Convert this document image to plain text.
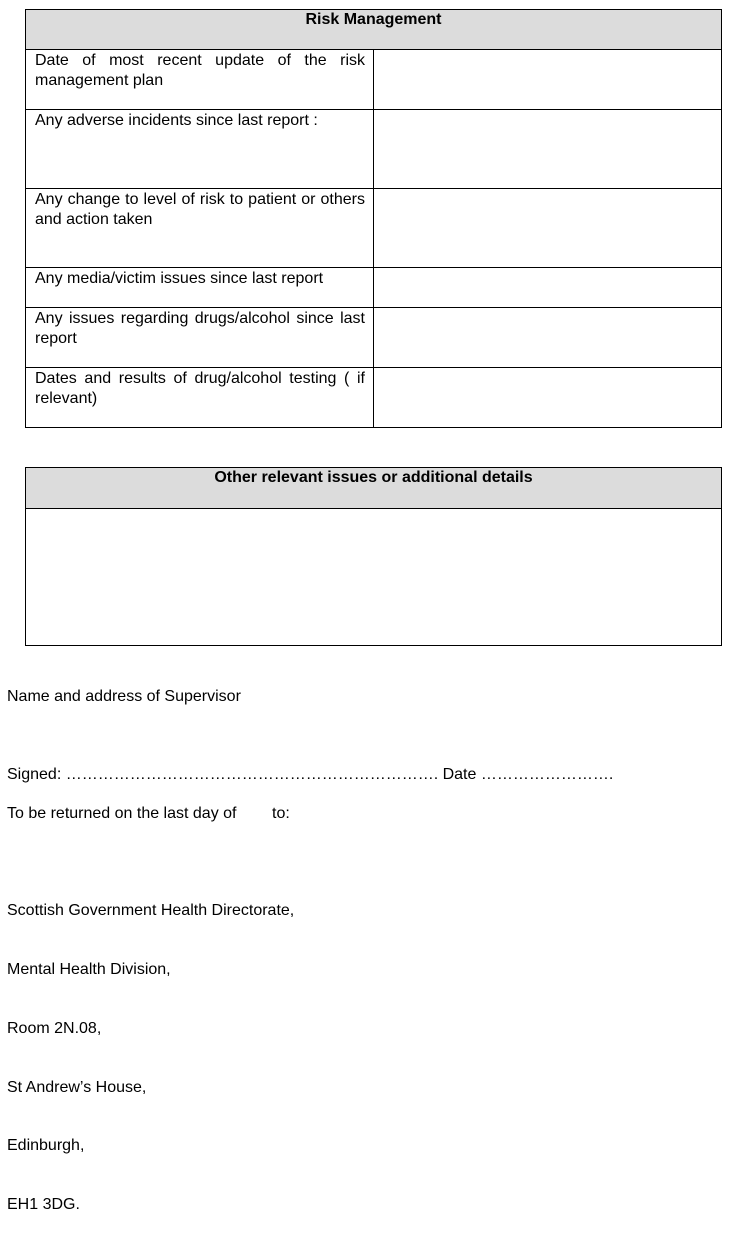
Risk Management	
Date of most recent update of the risk management plan	
Any adverse incidents since last report :	
Any change to level of risk to patient or others and action taken	
Any media/victim issues since last report	
Any issues regarding drugs/alcohol since last report	
Dates and results of drug/alcohol testing ( if relevant)	
Other relevant issues or additional details

Name and address of Supervisor
Signed: ……………………………………………………………. Date …………………….
To be returned on the last day of        to:

Scottish Government Health Directorate,

Mental Health Division,

Room 2N.08,

St Andrew’s House,

Edinburgh,

EH1 3DG.
